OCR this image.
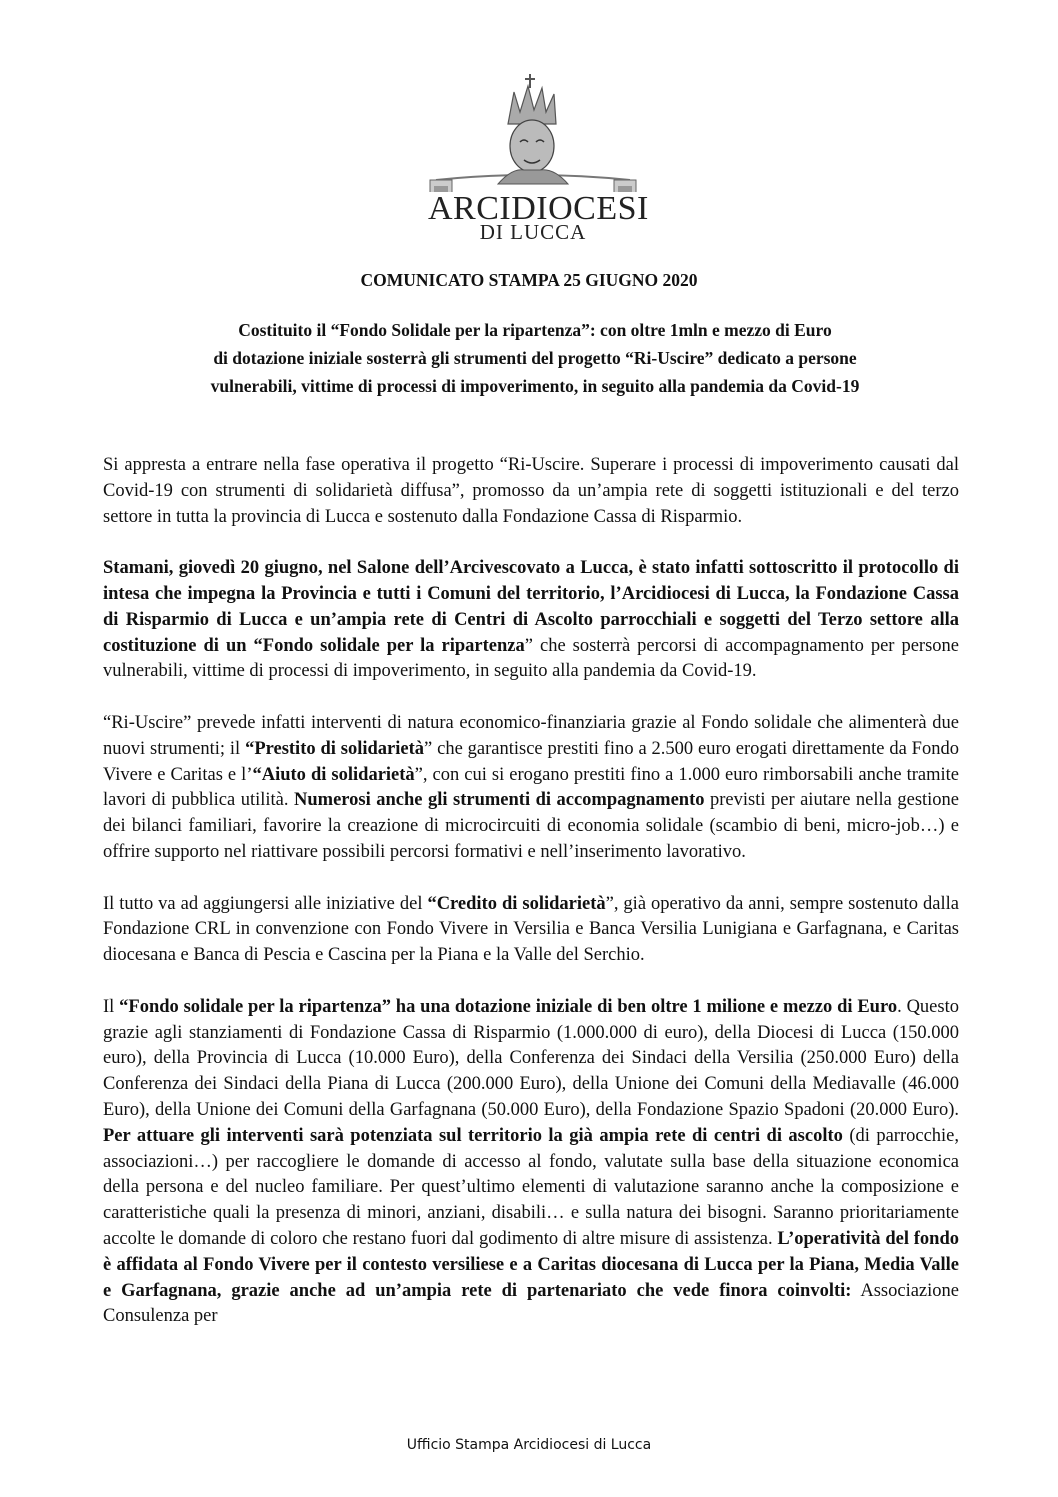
ARCIDIOCESI
DI LUCCA
COMUNICATO STAMPA 25 GIUGNO 2020
Costituito il “Fondo Solidale per la ripartenza”: con oltre 1mln e mezzo di Euro
di dotazione iniziale sosterrà gli strumenti del progetto “Ri-Uscire” dedicato a persone
vulnerabili, vittime di processi di impoverimento, in seguito alla pandemia da Covid-19

Si appresta a entrare nella fase operativa il progetto “Ri-Uscire. Superare i processi di impoverimento causati dal Covid-19 con strumenti di solidarietà diffusa”, promosso da un’ampia rete di soggetti istituzionali e del terzo settore in tutta la provincia di Lucca e sostenuto dalla Fondazione Cassa di Risparmio.

Stamani, giovedì 20 giugno, nel Salone dell’Arcivescovato a Lucca, è stato infatti sottoscritto il protocollo di intesa che impegna la Provincia e tutti i Comuni del territorio, l’Arcidiocesi di Lucca, la Fondazione Cassa di Risparmio di Lucca e un’ampia rete di Centri di Ascolto parrocchiali e soggetti del Terzo settore alla costituzione di un “Fondo solidale per la ripartenza” che sosterrà percorsi di accompagnamento per persone vulnerabili, vittime di processi di impoverimento, in seguito alla pandemia da Covid-19.

“Ri-Uscire” prevede infatti interventi di natura economico-finanziaria grazie al Fondo solidale che alimenterà due nuovi strumenti; il “Prestito di solidarietà” che garantisce prestiti fino a 2.500 euro erogati direttamente da Fondo Vivere e Caritas e l’“Aiuto di solidarietà”, con cui si erogano prestiti fino a 1.000 euro rimborsabili anche tramite lavori di pubblica utilità. Numerosi anche gli strumenti di accompagnamento previsti per aiutare nella gestione dei bilanci familiari, favorire la creazione di microcircuiti di economia solidale (scambio di beni, micro-job…) e offrire supporto nel riattivare possibili percorsi formativi e nell’inserimento lavorativo.

Il tutto va ad aggiungersi alle iniziative del “Credito di solidarietà”, già operativo da anni, sempre sostenuto dalla Fondazione CRL in convenzione con Fondo Vivere in Versilia e Banca Versilia Lunigiana e Garfagnana, e Caritas diocesana e Banca di Pescia e Cascina per la Piana e la Valle del Serchio.

Il “Fondo solidale per la ripartenza” ha una dotazione iniziale di ben oltre 1 milione e mezzo di Euro. Questo grazie agli stanziamenti di Fondazione Cassa di Risparmio (1.000.000 di euro), della Diocesi di Lucca (150.000 euro), della Provincia di Lucca (10.000 Euro), della Conferenza dei Sindaci della Versilia (250.000 Euro) della Conferenza dei Sindaci della Piana di Lucca (200.000 Euro), della Unione dei Comuni della Mediavalle (46.000 Euro), della Unione dei Comuni della Garfagnana (50.000 Euro), della Fondazione Spazio Spadoni (20.000 Euro). Per attuare gli interventi sarà potenziata sul territorio la già ampia rete di centri di ascolto (di parrocchie, associazioni…) per raccogliere le domande di accesso al fondo, valutate sulla base della situazione economica della persona e del nucleo familiare. Per quest’ultimo elementi di valutazione saranno anche la composizione e caratteristiche quali la presenza di minori, anziani, disabili… e sulla natura dei bisogni. Saranno prioritariamente accolte le domande di coloro che restano fuori dal godimento di altre misure di assistenza. L’operatività del fondo è affidata al Fondo Vivere per il contesto versiliese e a Caritas diocesana di Lucca per la Piana, Media Valle e Garfagnana, grazie anche ad un’ampia rete di partenariato che vede finora coinvolti: Associazione Consulenza per

Ufficio Stampa Arcidiocesi di Lucca
